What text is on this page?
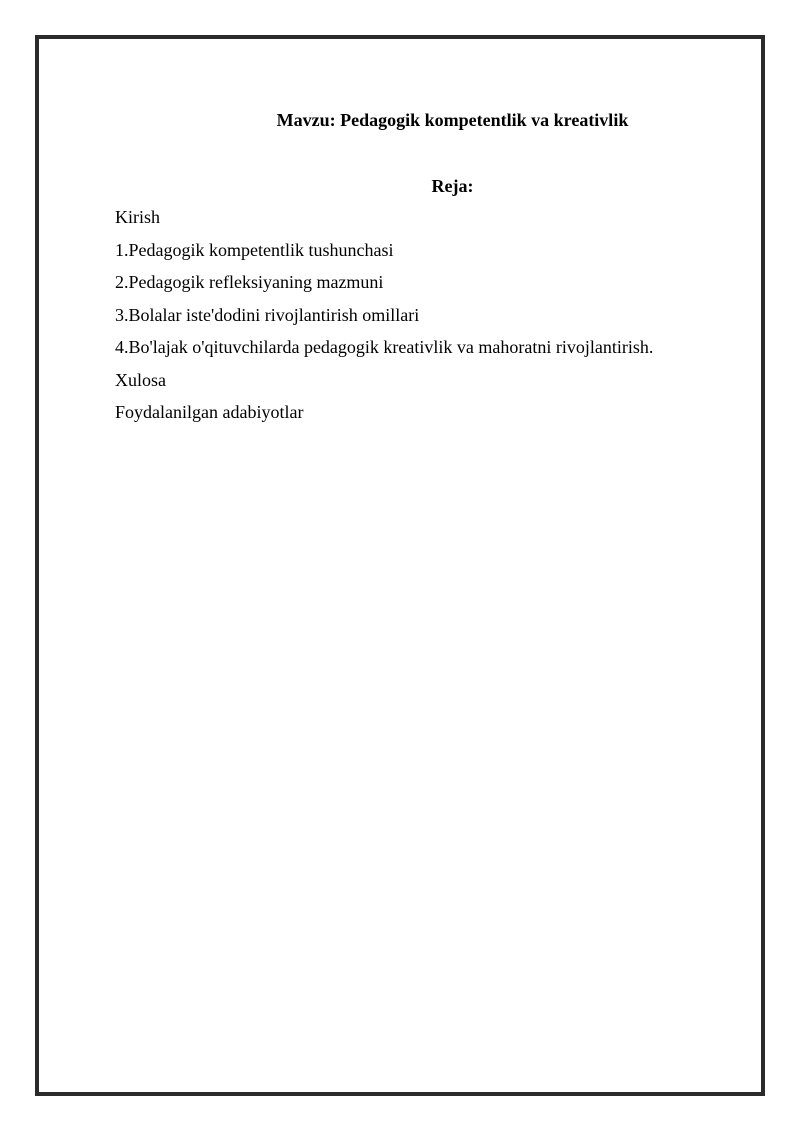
Mavzu: Pedagogik kompetentlik va kreativlik
Reja:
Kirish
1.Pedagogik kompetentlik tushunchasi
2.Pedagogik refleksiyaning mazmuni
3.Bolalar iste'dodini rivojlantirish omillari
4.Bo'lajak o'qituvchilarda pedagogik kreativlik va mahoratni rivojlantirish.
Xulosa
Foydalanilgan adabiyotlar
